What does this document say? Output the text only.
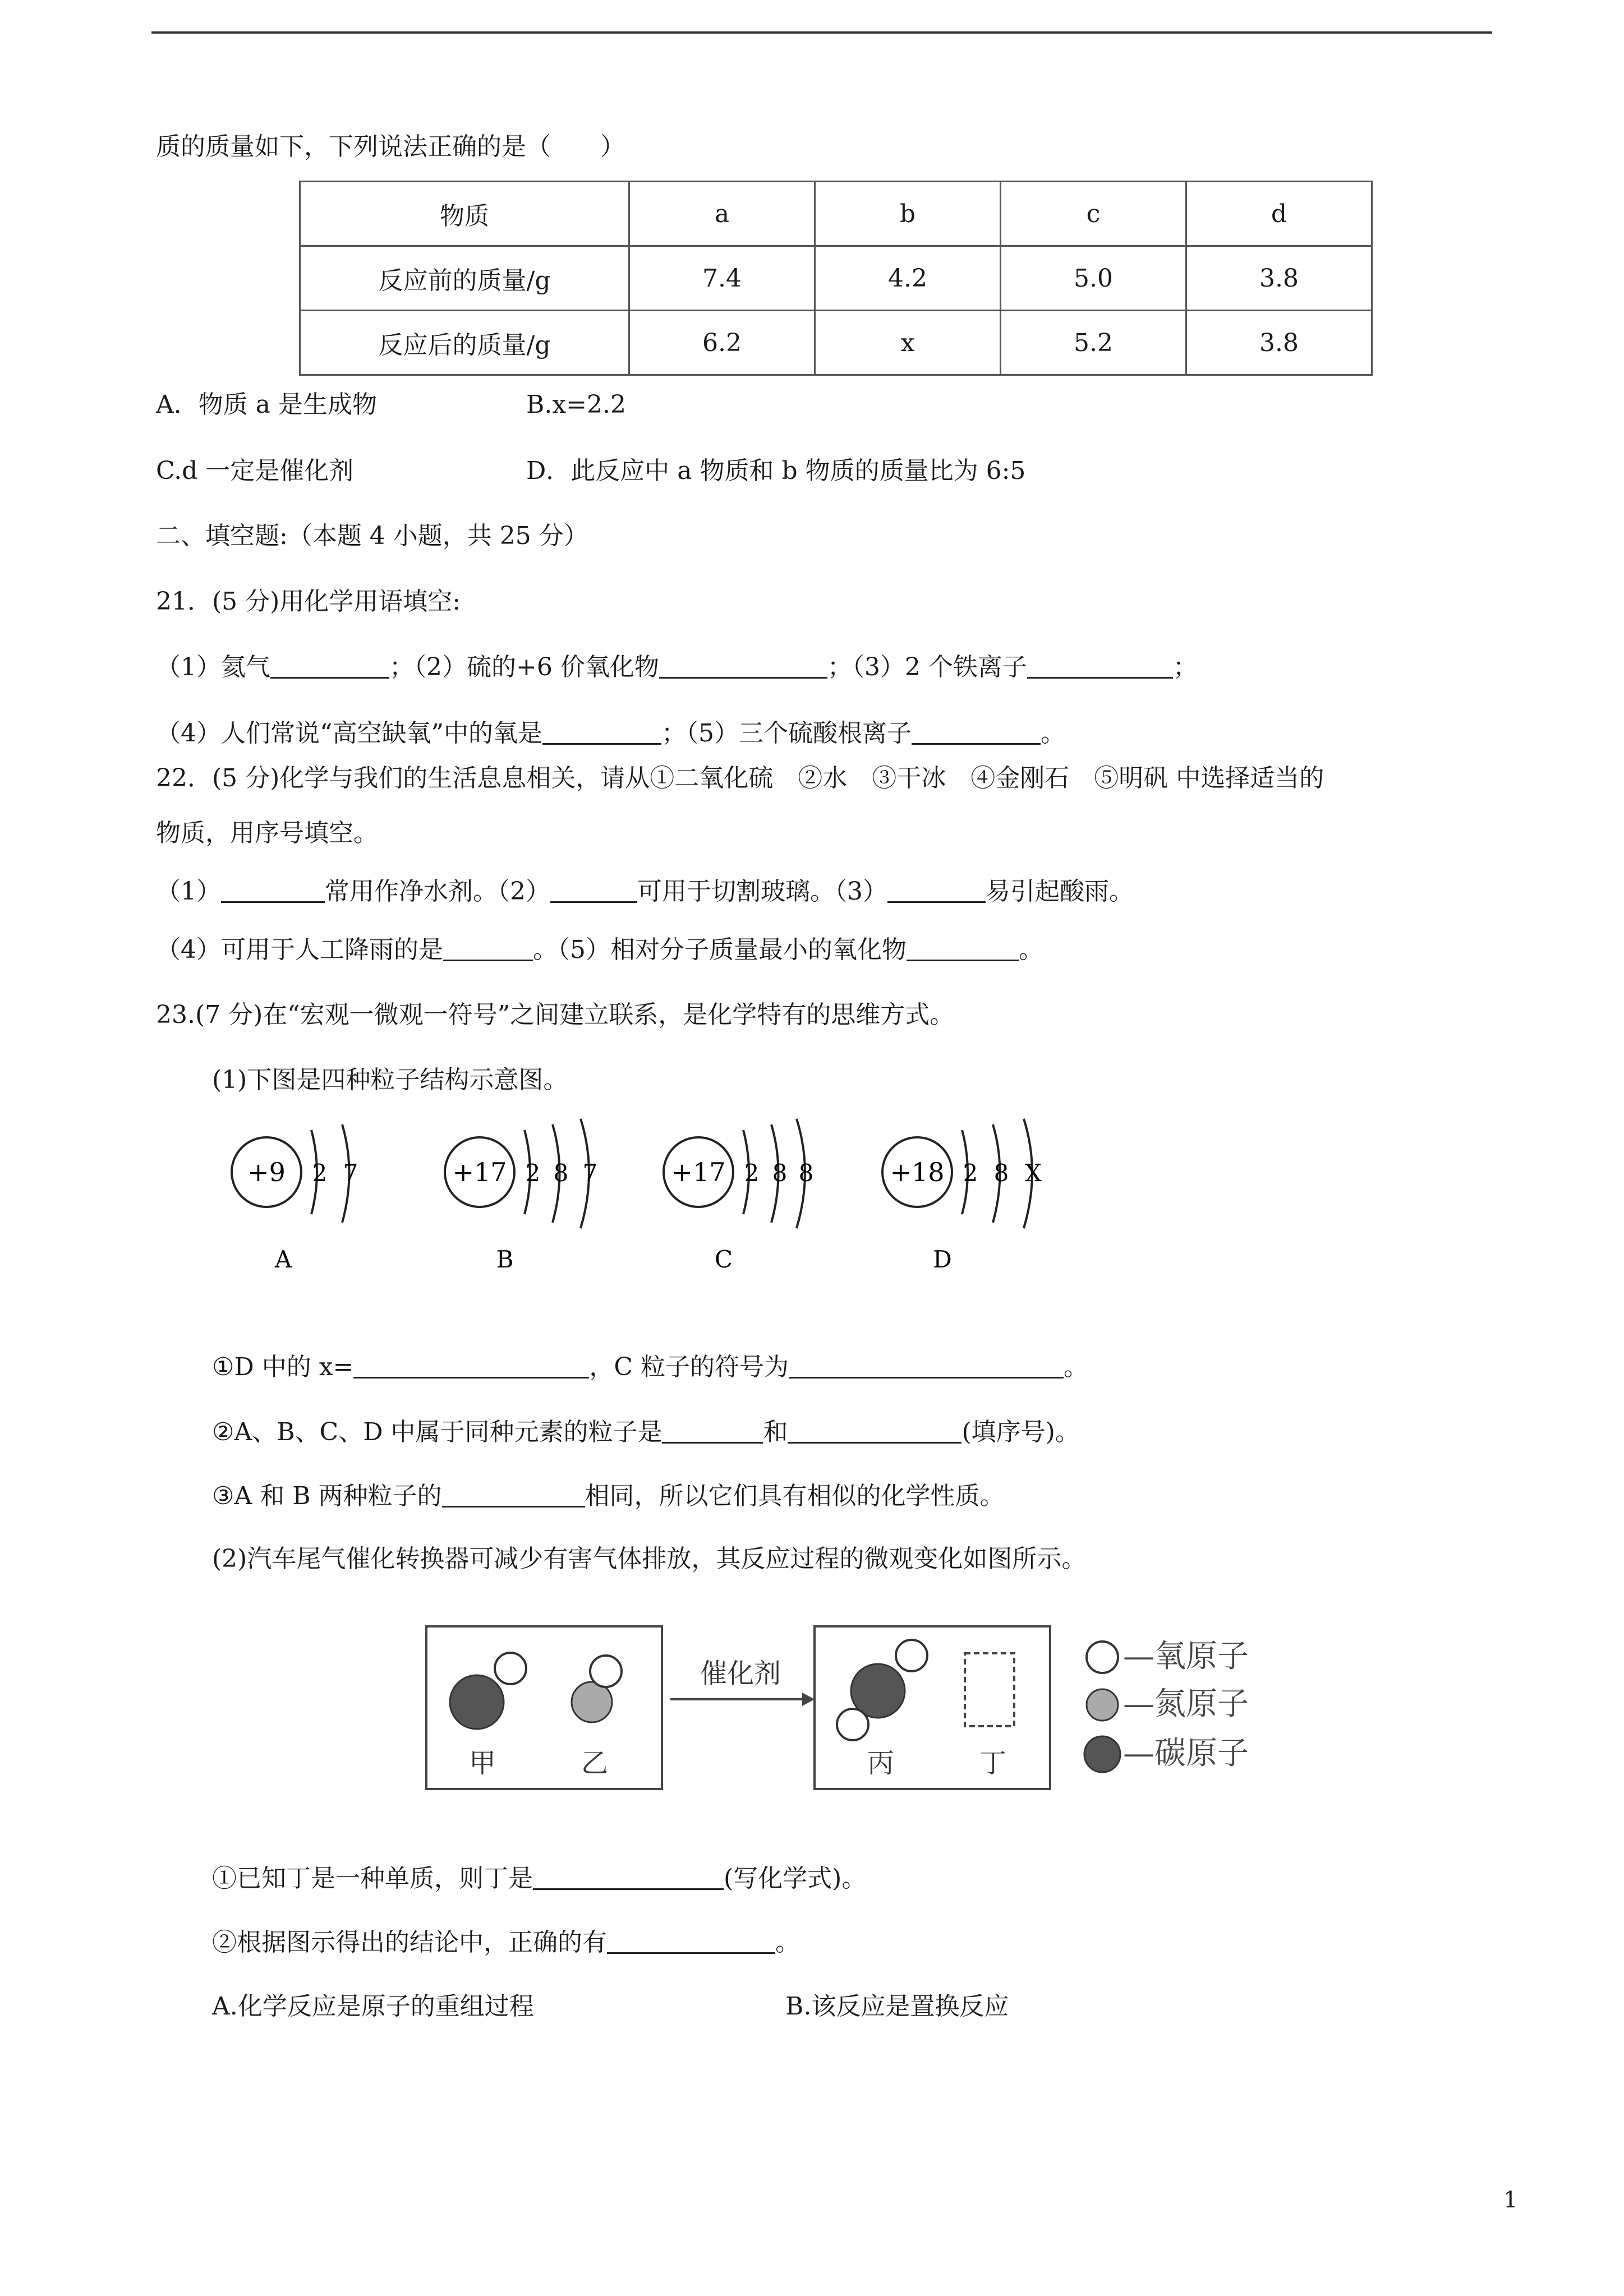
质的质量如下，下列说法正确的是（　　）
物质	a	b	c	d
反应前的质量/g	7.4	4.2	5.0	3.8
反应后的质量/g	6.2	x	5.2	3.8
A．物质 a 是生成物	B.x=2.2
C.d 一定是催化剂	D．此反应中 a 物质和 b 物质的质量比为 6:5
二、填空题:（本题 4 小题，共 25 分）
21．(5 分)用化学用语填空:
（1）氦气	；（2）硫的+6 价氧化物	；（3）2 个铁离子	；
（4）人们常说“高空缺氧”中的氧是	；（5）三个硫酸根离子	。
22．(5 分)化学与我们的生活息息相关，请从①二氧化硫　②水　③干冰　④金刚石　⑤明矾 中选择适当的
物质，用序号填空。
（1）	常用作净水剂。（2）	可用于切割玻璃。（3）	易引起酸雨。
（4）可用于人工降雨的是	。（5）相对分子质量最小的氧化物	。
23.(7 分)在“宏观一微观一符号”之间建立联系，是化学特有的思维方式。
(1)下图是四种粒子结构示意图。
+9 2 7
A
+17 2 8 7
B
+17 2 8 8
C
+18 2 8 X
D
①D 中的 x=	，C 粒子的符号为	。
②A、B、C、D 中属于同种元素的粒子是	和	(填序号)。
③A 和 B 两种粒子的	相同，所以它们具有相似的化学性质。
(2)汽车尾气催化转换器可减少有害气体排放，其反应过程的微观变化如图所示。
甲	乙
催化剂
丙	丁
—氧原子
—氮原子
—碳原子
①已知丁是一种单质，则丁是	(写化学式)。
②根据图示得出的结论中，正确的有	。
A.化学反应是原子的重组过程	B.该反应是置换反应
1
